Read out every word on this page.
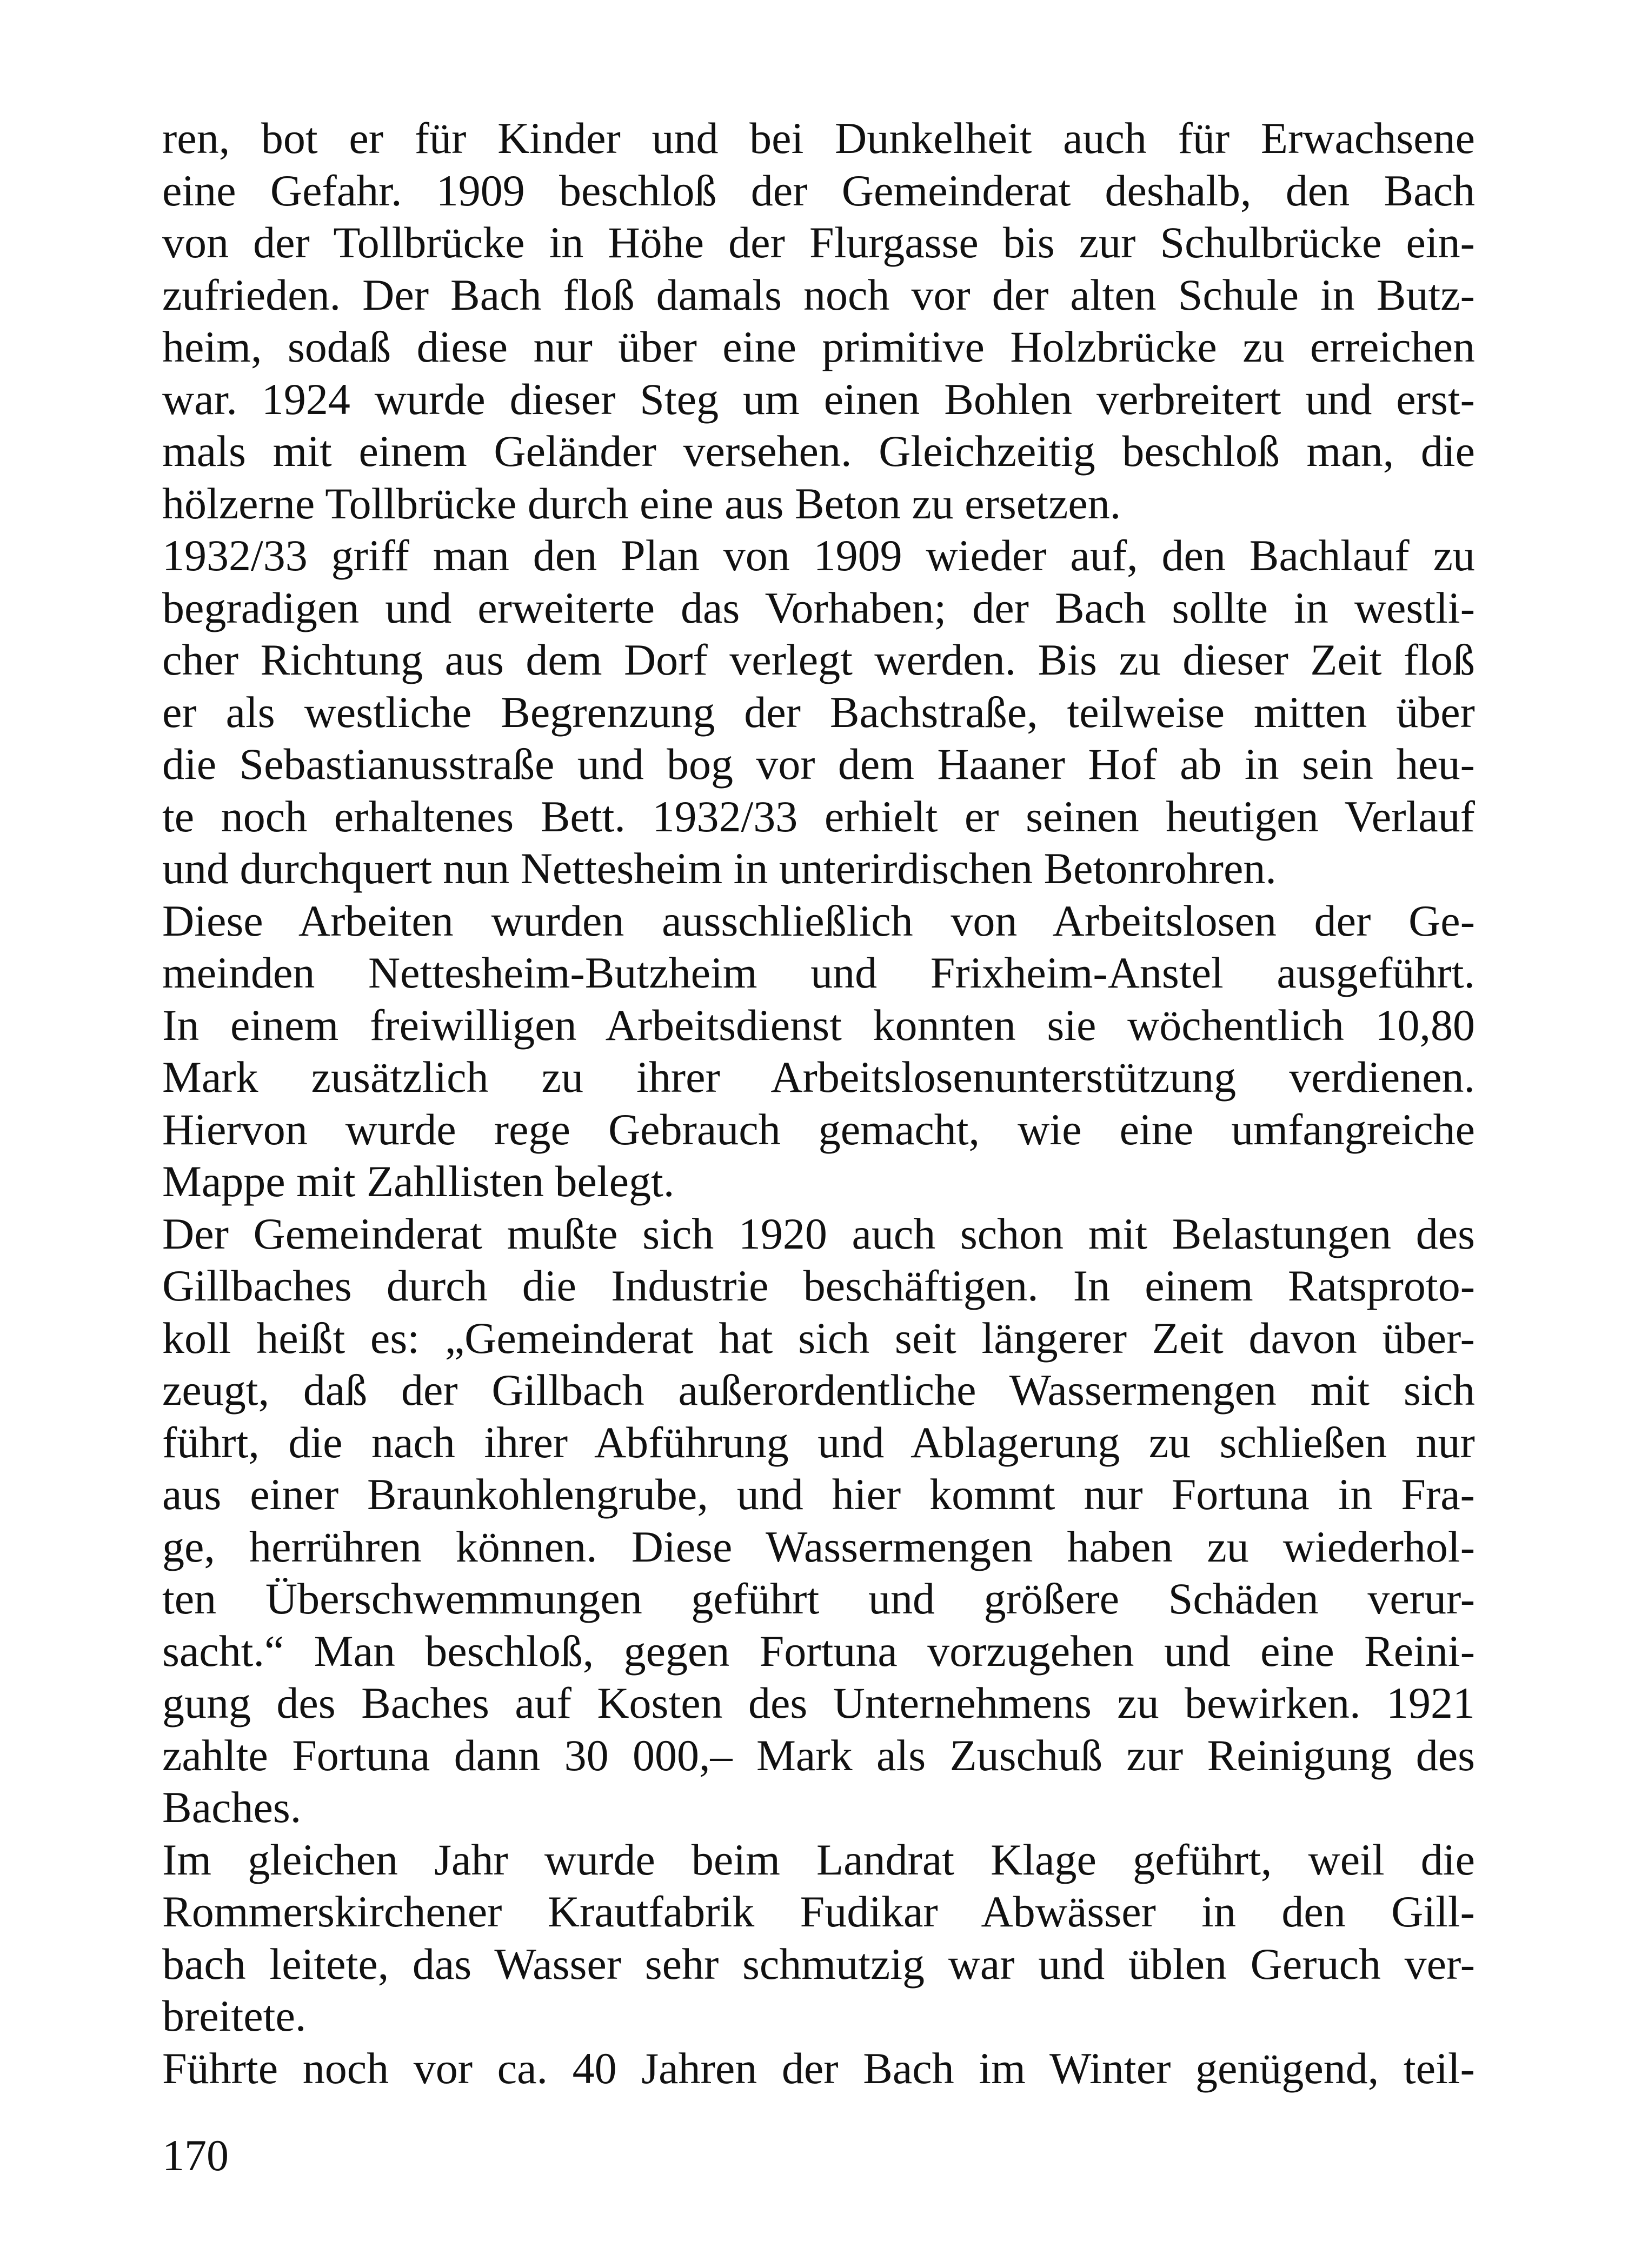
ren, bot er für Kinder und bei Dunkelheit auch für Erwachsene
eine Gefahr. 1909 beschloß der Gemeinderat deshalb, den Bach
von der Tollbrücke in Höhe der Flurgasse bis zur Schulbrücke ein-
zufrieden. Der Bach floß damals noch vor der alten Schule in Butz-
heim, sodaß diese nur über eine primitive Holzbrücke zu erreichen
war. 1924 wurde dieser Steg um einen Bohlen verbreitert und erst-
mals mit einem Geländer versehen. Gleichzeitig beschloß man, die
hölzerne Tollbrücke durch eine aus Beton zu ersetzen.
1932/33 griff man den Plan von 1909 wieder auf, den Bachlauf zu
begradigen und erweiterte das Vorhaben; der Bach sollte in westli-
cher Richtung aus dem Dorf verlegt werden. Bis zu dieser Zeit floß
er als westliche Begrenzung der Bachstraße, teilweise mitten über
die Sebastianusstraße und bog vor dem Haaner Hof ab in sein heu-
te noch erhaltenes Bett. 1932/33 erhielt er seinen heutigen Verlauf
und durchquert nun Nettesheim in unterirdischen Betonrohren.
Diese Arbeiten wurden ausschließlich von Arbeitslosen der Ge-
meinden Nettesheim-Butzheim und Frixheim-Anstel ausgeführt.
In einem freiwilligen Arbeitsdienst konnten sie wöchentlich 10,80
Mark zusätzlich zu ihrer Arbeitslosenunterstützung verdienen.
Hiervon wurde rege Gebrauch gemacht, wie eine umfangreiche
Mappe mit Zahllisten belegt.
Der Gemeinderat mußte sich 1920 auch schon mit Belastungen des
Gillbaches durch die Industrie beschäftigen. In einem Ratsproto-
koll heißt es: „Gemeinderat hat sich seit längerer Zeit davon über-
zeugt, daß der Gillbach außerordentliche Wassermengen mit sich
führt, die nach ihrer Abführung und Ablagerung zu schließen nur
aus einer Braunkohlengrube, und hier kommt nur Fortuna in Fra-
ge, herrühren können. Diese Wassermengen haben zu wiederhol-
ten Überschwemmungen geführt und größere Schäden verur-
sacht.“ Man beschloß, gegen Fortuna vorzugehen und eine Reini-
gung des Baches auf Kosten des Unternehmens zu bewirken. 1921
zahlte Fortuna dann 30 000,– Mark als Zuschuß zur Reinigung des
Baches.
Im gleichen Jahr wurde beim Landrat Klage geführt, weil die
Rommerskirchener Krautfabrik Fudikar Abwässer in den Gill-
bach leitete, das Wasser sehr schmutzig war und üblen Geruch ver-
breitete.
Führte noch vor ca. 40 Jahren der Bach im Winter genügend, teil-
170
